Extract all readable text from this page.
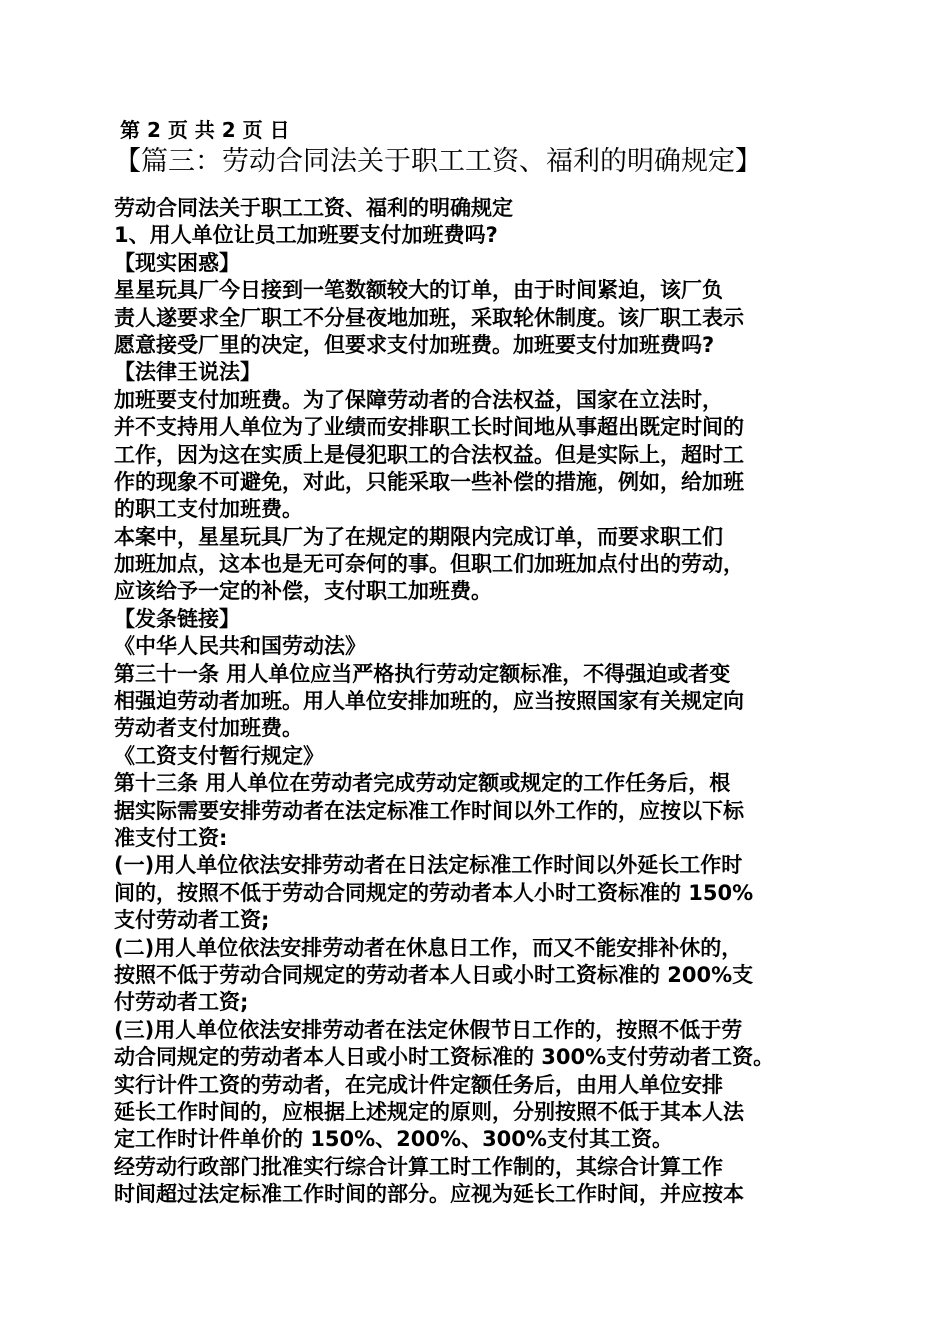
第 2 页 共 2 页 日
【篇三：劳动合同法关于职工工资、福利的明确规定】
劳动合同法关于职工工资、福利的明确规定
1、用人单位让员工加班要支付加班费吗?
【现实困惑】
星星玩具厂今日接到一笔数额较大的订单，由于时间紧迫，该厂负
责人遂要求全厂职工不分昼夜地加班，采取轮休制度。该厂职工表示
愿意接受厂里的决定，但要求支付加班费。加班要支付加班费吗?
【法律王说法】
加班要支付加班费。为了保障劳动者的合法权益，国家在立法时，
并不支持用人单位为了业绩而安排职工长时间地从事超出既定时间的
工作，因为这在实质上是侵犯职工的合法权益。但是实际上，超时工
作的现象不可避免，对此，只能采取一些补偿的措施，例如，给加班
的职工支付加班费。
本案中，星星玩具厂为了在规定的期限内完成订单，而要求职工们
加班加点，这本也是无可奈何的事。但职工们加班加点付出的劳动，
应该给予一定的补偿，支付职工加班费。
【发条链接】
《中华人民共和国劳动法》
第三十一条 用人单位应当严格执行劳动定额标准，不得强迫或者变
相强迫劳动者加班。用人单位安排加班的，应当按照国家有关规定向
劳动者支付加班费。
《工资支付暂行规定》
第十三条 用人单位在劳动者完成劳动定额或规定的工作任务后，根
据实际需要安排劳动者在法定标准工作时间以外工作的，应按以下标
准支付工资:
(一)用人单位依法安排劳动者在日法定标准工作时间以外延长工作时
间的，按照不低于劳动合同规定的劳动者本人小时工资标准的 150%
支付劳动者工资;
(二)用人单位依法安排劳动者在休息日工作，而又不能安排补休的，
按照不低于劳动合同规定的劳动者本人日或小时工资标准的 200%支
付劳动者工资;
(三)用人单位依法安排劳动者在法定休假节日工作的，按照不低于劳
动合同规定的劳动者本人日或小时工资标准的 300%支付劳动者工资。
实行计件工资的劳动者，在完成计件定额任务后，由用人单位安排
延长工作时间的，应根据上述规定的原则，分别按照不低于其本人法
定工作时计件单价的 150%、200%、300%支付其工资。
经劳动行政部门批准实行综合计算工时工作制的，其综合计算工作
时间超过法定标准工作时间的部分。应视为延长工作时间，并应按本
